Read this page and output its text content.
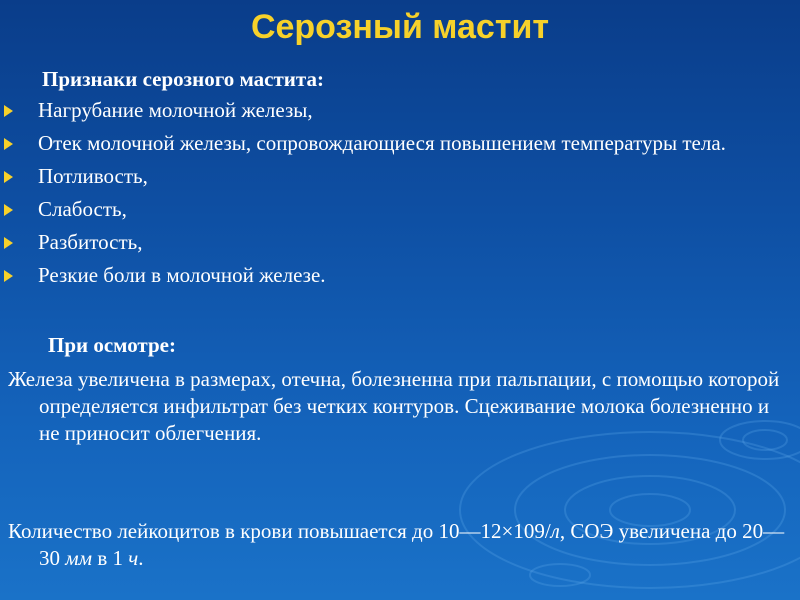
Серозный мастит
Признаки серозного мастита:
Нагрубание молочной железы,
Отек молочной железы, сопровождающиеся повышением температуры тела.
Потливость,
Слабость,
Разбитость,
Резкие боли в молочной железе.
При осмотре:

Железа увеличена в размерах, отечна, болезненна при пальпации, с помощью которой определяется инфильтрат без четких контуров. Сцеживание молока болезненно и не приносит облегчения.

Количество лейкоцитов в крови повышается до 10—12×109/л, СОЭ увеличена до 20—30 мм в 1 ч.
